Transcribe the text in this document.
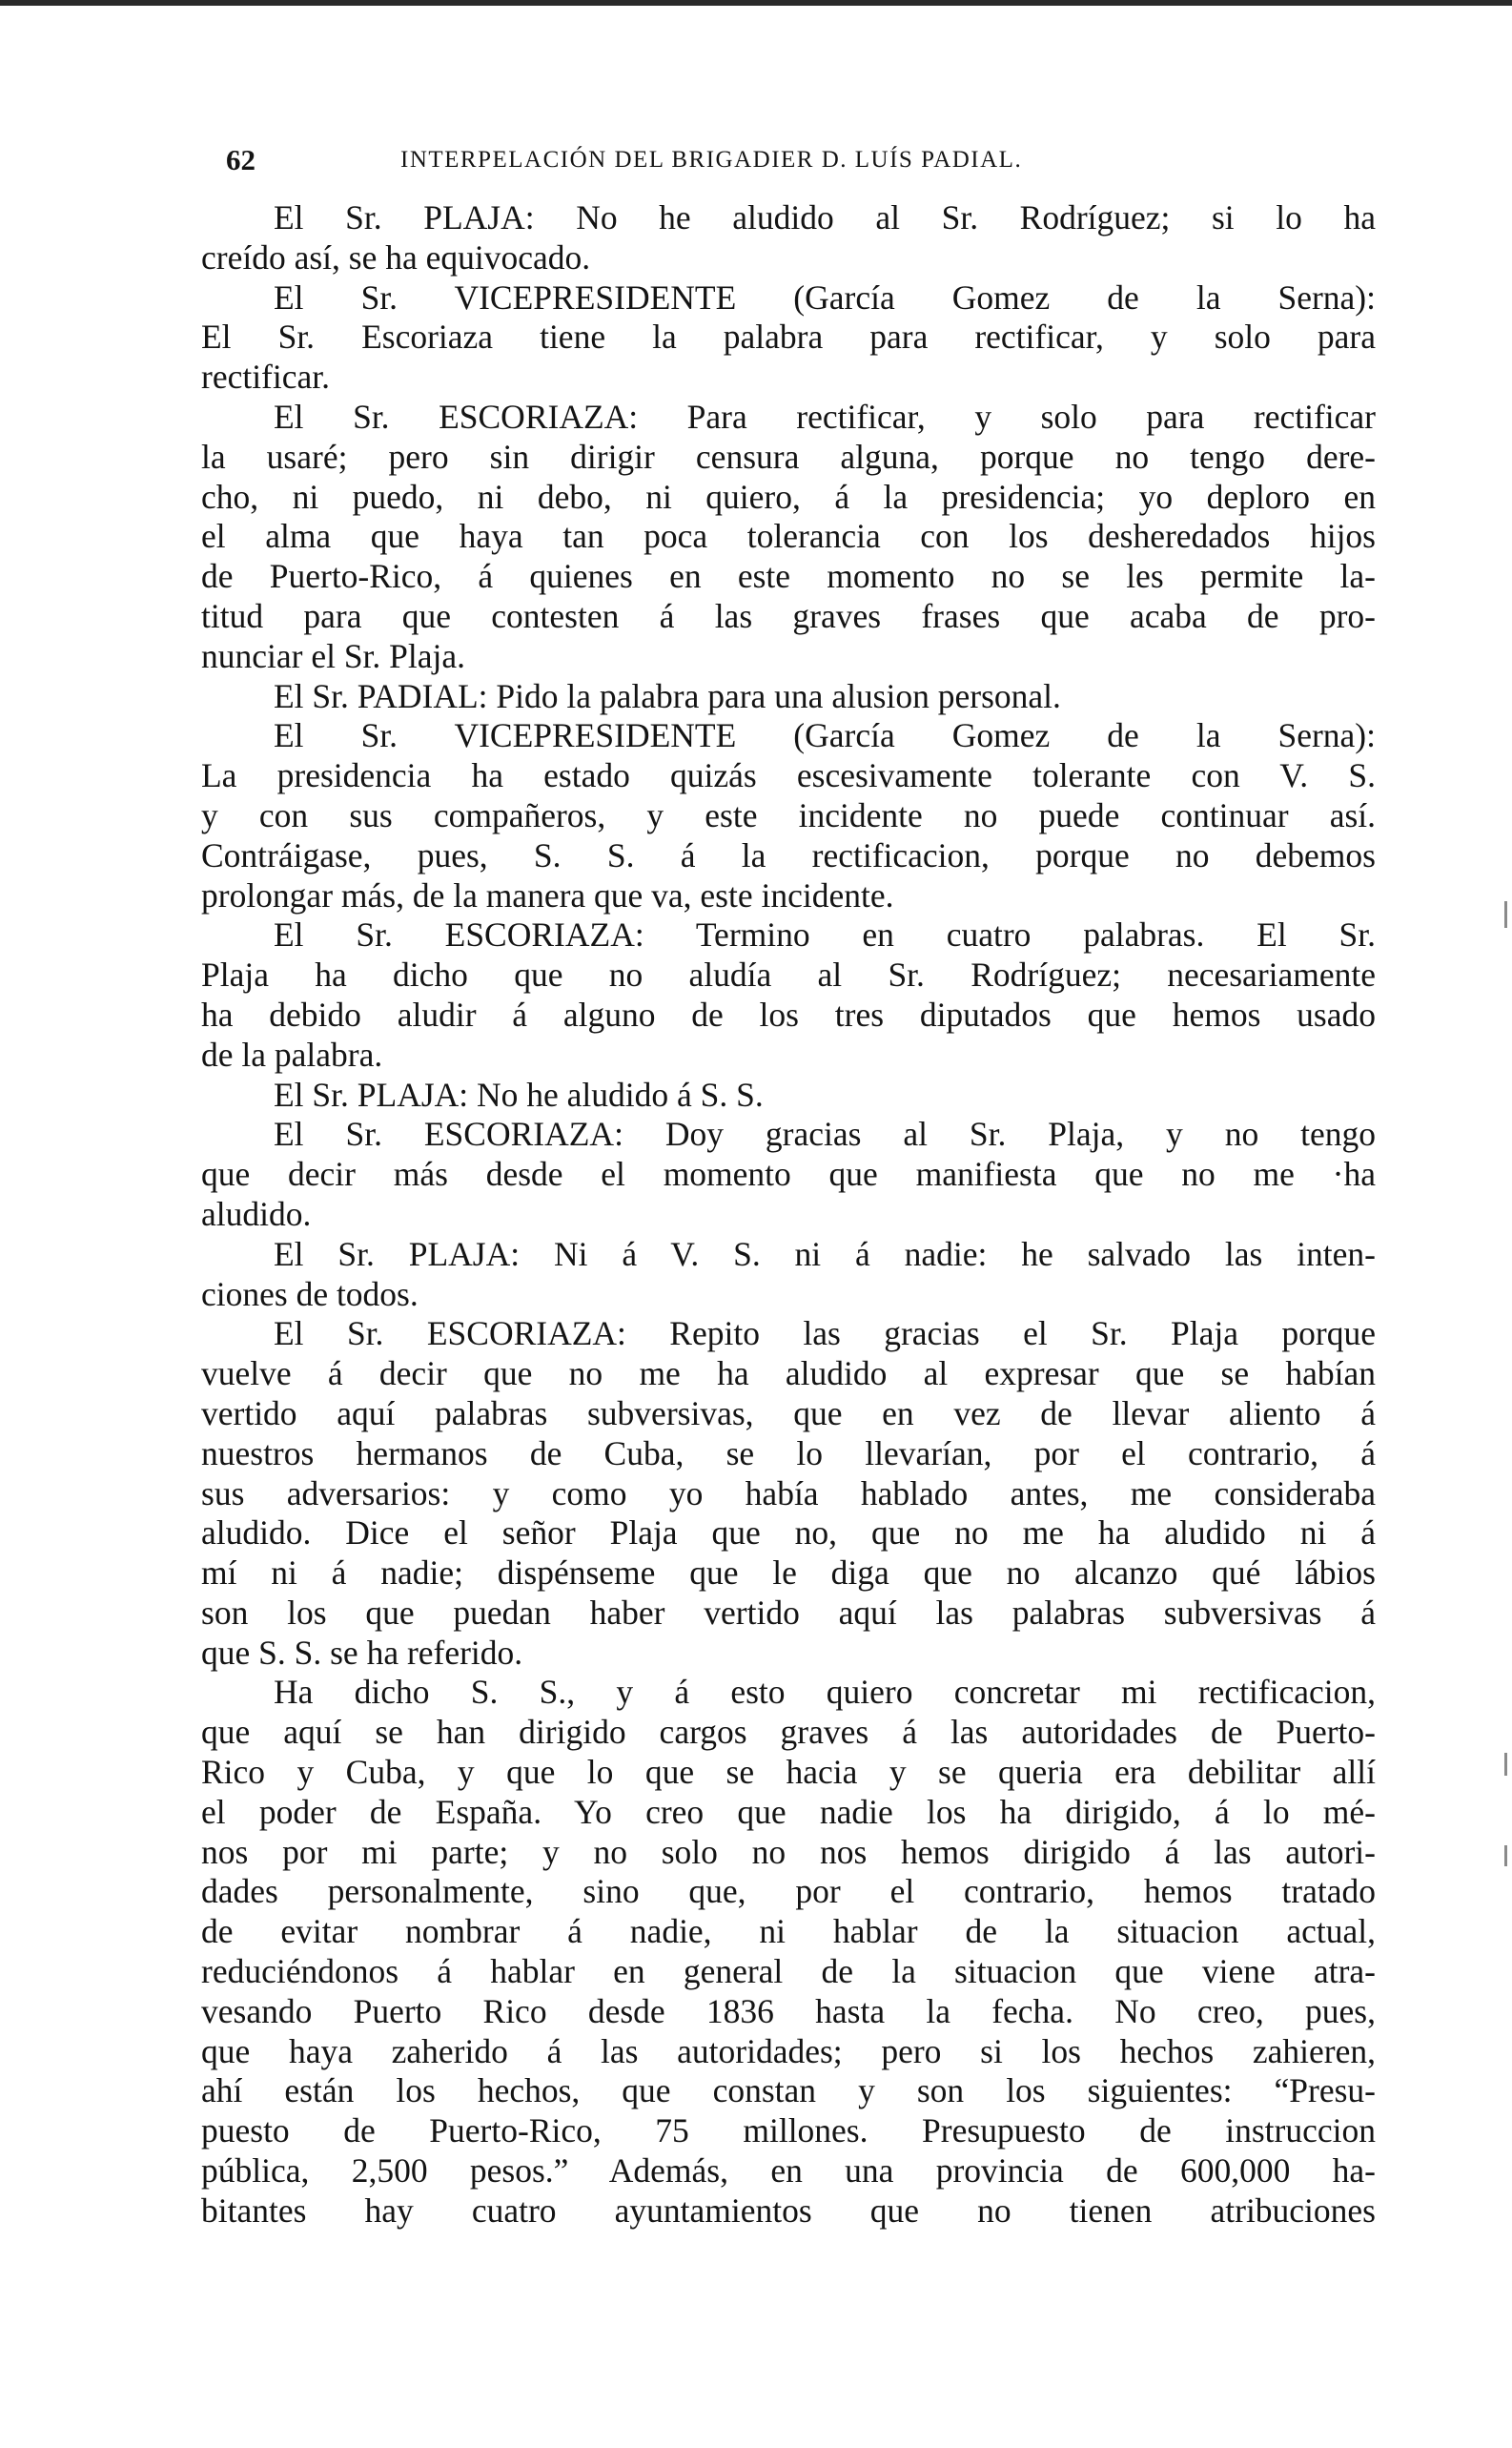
62	INTERPELACIÓN DEL BRIGADIER D. LUÍS PADIAL.
El Sr. PLAJA: No he aludido al Sr. Rodríguez; si lo ha
creído así, se ha equivocado.
El Sr. VICEPRESIDENTE (García Gomez de la Serna):
El Sr. Escoriaza tiene la palabra para rectificar, y solo para
rectificar.
El Sr. ESCORIAZA: Para rectificar, y solo para rectificar
la usaré; pero sin dirigir censura alguna, porque no tengo dere-
cho, ni puedo, ni debo, ni quiero, á la presidencia; yo deploro en
el alma que haya tan poca tolerancia con los desheredados hijos
de Puerto-Rico, á quienes en este momento no se les permite la-
titud para que contesten á las graves frases que acaba de pro-
nunciar el Sr. Plaja.
El Sr. PADIAL: Pido la palabra para una alusion personal.
El Sr. VICEPRESIDENTE (García Gomez de la Serna):
La presidencia ha estado quizás escesivamente tolerante con V. S.
y con sus compañeros, y este incidente no puede continuar así.
Contráigase, pues, S. S. á la rectificacion, porque no debemos
prolongar más, de la manera que va, este incidente.
El Sr. ESCORIAZA: Termino en cuatro palabras. El Sr.
Plaja ha dicho que no aludía al Sr. Rodríguez; necesariamente
ha debido aludir á alguno de los tres diputados que hemos usado
de la palabra.
El Sr. PLAJA: No he aludido á S. S.
El Sr. ESCORIAZA: Doy gracias al Sr. Plaja, y no tengo
que decir más desde el momento que manifiesta que no me ·ha
aludido.
El Sr. PLAJA: Ni á V. S. ni á nadie: he salvado las inten-
ciones de todos.
El Sr. ESCORIAZA: Repito las gracias el Sr. Plaja porque
vuelve á decir que no me ha aludido al expresar que se habían
vertido aquí palabras subversivas, que en vez de llevar aliento á
nuestros hermanos de Cuba, se lo llevarían, por el contrario, á
sus adversarios: y como yo había hablado antes, me consideraba
aludido. Dice el señor Plaja que no, que no me ha aludido ni á
mí ni á nadie; dispénseme que le diga que no alcanzo qué lábios
son los que puedan haber vertido aquí las palabras subversivas á
que S. S. se ha referido.
Ha dicho S. S., y á esto quiero concretar mi rectificacion,
que aquí se han dirigido cargos graves á las autoridades de Puerto-
Rico y Cuba, y que lo que se hacia y se queria era debilitar allí
el poder de España. Yo creo que nadie los ha dirigido, á lo mé-
nos por mi parte; y no solo no nos hemos dirigido á las autori-
dades personalmente, sino que, por el contrario, hemos tratado
de evitar nombrar á nadie, ni hablar de la situacion actual,
reduciéndonos á hablar en general de la situacion que viene atra-
vesando Puerto Rico desde 1836 hasta la fecha. No creo, pues,
que haya zaherido á las autoridades; pero si los hechos zahieren,
ahí están los hechos, que constan y son los siguientes: “Presu-
puesto de Puerto-Rico, 75 millones. Presupuesto de instruccion
pública, 2,500 pesos.” Además, en una provincia de 600,000 ha-
bitantes hay cuatro ayuntamientos que no tienen atribuciones
